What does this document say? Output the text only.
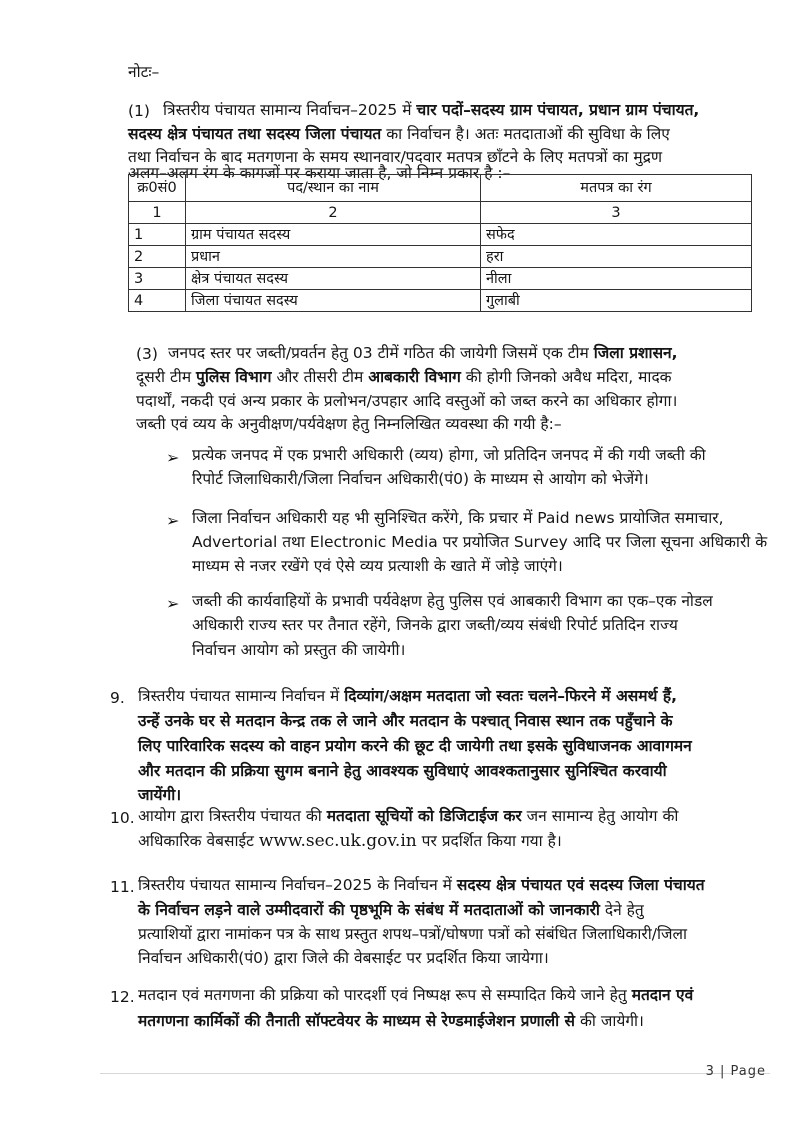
नोटः–
(1) त्रिस्तरीय पंचायत सामान्य निर्वाचन–2025 में चार पदों–सदस्य ग्राम पंचायत, प्रधान ग्राम पंचायत,
सदस्य क्षेत्र पंचायत तथा सदस्य जिला पंचायत का निर्वाचन है। अतः मतदाताओं की सुविधा के लिए
तथा निर्वाचन के बाद मतगणना के समय स्थानवार/पदवार मतपत्र छाँटने के लिए मतपत्रों का मुद्रण
अलग–अलग रंग के कागजों पर कराया जाता है, जो निम्न प्रकार है :–
क्र0सं0	पद/स्थान का नाम	मतपत्र का रंग
1	2	3
1	ग्राम पंचायत सदस्य	सफेद
2	प्रधान	हरा
3	क्षेत्र पंचायत सदस्य	नीला
4	जिला पंचायत सदस्य	गुलाबी
(3) जनपद स्तर पर जब्ती/प्रवर्तन हेतु 03 टीमें गठित की जायेगी जिसमें एक टीम जिला प्रशासन,
दूसरी टीम पुलिस विभाग और तीसरी टीम आबकारी विभाग की होगी जिनको अवैध मदिरा, मादक
पदार्थों, नकदी एवं अन्य प्रकार के प्रलोभन/उपहार आदि वस्तुओं को जब्त करने का अधिकार होगा।
जब्ती एवं व्यय के अनुवीक्षण/पर्यवेक्षण हेतु निम्नलिखित व्यवस्था की गयी है:–
➢ प्रत्येक जनपद में एक प्रभारी अधिकारी (व्यय) होगा, जो प्रतिदिन जनपद में की गयी जब्ती की
रिपोर्ट जिलाधिकारी/जिला निर्वाचन अधिकारी(पं0) के माध्यम से आयोग को भेजेंगे।
➢ जिला निर्वाचन अधिकारी यह भी सुनिश्चित करेंगे, कि प्रचार में Paid news प्रायोजित समाचार,
Advertorial तथा Electronic Media पर प्रयोजित Survey आदि पर जिला सूचना अधिकारी के
माध्यम से नजर रखेंगे एवं ऐसे व्यय प्रत्याशी के खाते में जोड़े जाएंगे।
➢ जब्ती की कार्यवाहियों के प्रभावी पर्यवेक्षण हेतु पुलिस एवं आबकारी विभाग का एक–एक नोडल
अधिकारी राज्य स्तर पर तैनात रहेंगे, जिनके द्वारा जब्ती/व्यय संबंधी रिपोर्ट प्रतिदिन राज्य
निर्वाचन आयोग को प्रस्तुत की जायेगी।
9. त्रिस्तरीय पंचायत सामान्य निर्वाचन में दिव्यांग/अक्षम मतदाता जो स्वतः चलने–फिरने में असमर्थ हैं,
उन्हें उनके घर से मतदान केन्द्र तक ले जाने और मतदान के पश्चात् निवास स्थान तक पहुँचाने के
लिए पारिवारिक सदस्य को वाहन प्रयोग करने की छूट दी जायेगी तथा इसके सुविधाजनक आवागमन
और मतदान की प्रक्रिया सुगम बनाने हेतु आवश्यक सुविधाएं आवश्कतानुसार सुनिश्चित करवायी
जायेंगी।
10. आयोग द्वारा त्रिस्तरीय पंचायत की मतदाता सूचियों को डिजिटाईज कर जन सामान्य हेतु आयोग की
अधिकारिक वेबसाईट www.sec.uk.gov.in पर प्रदर्शित किया गया है।
11. त्रिस्तरीय पंचायत सामान्य निर्वाचन–2025 के निर्वाचन में सदस्य क्षेत्र पंचायत एवं सदस्य जिला पंचायत
के निर्वाचन लड़ने वाले उम्मीदवारों की पृष्ठभूमि के संबंध में मतदाताओं को जानकारी देने हेतु
प्रत्याशियों द्वारा नामांकन पत्र के साथ प्रस्तुत शपथ–पत्रों/घोषणा पत्रों को संबंधित जिलाधिकारी/जिला
निर्वाचन अधिकारी(पं0) द्वारा जिले की वेबसाईट पर प्रदर्शित किया जायेगा।
12. मतदान एवं मतगणना की प्रक्रिया को पारदर्शी एवं निष्पक्ष रूप से सम्पादित किये जाने हेतु मतदान एवं
मतगणना कार्मिकों की तैनाती सॉफ्टवेयर के माध्यम से रेण्डमाईजेशन प्रणाली से की जायेगी।
3 | Page
